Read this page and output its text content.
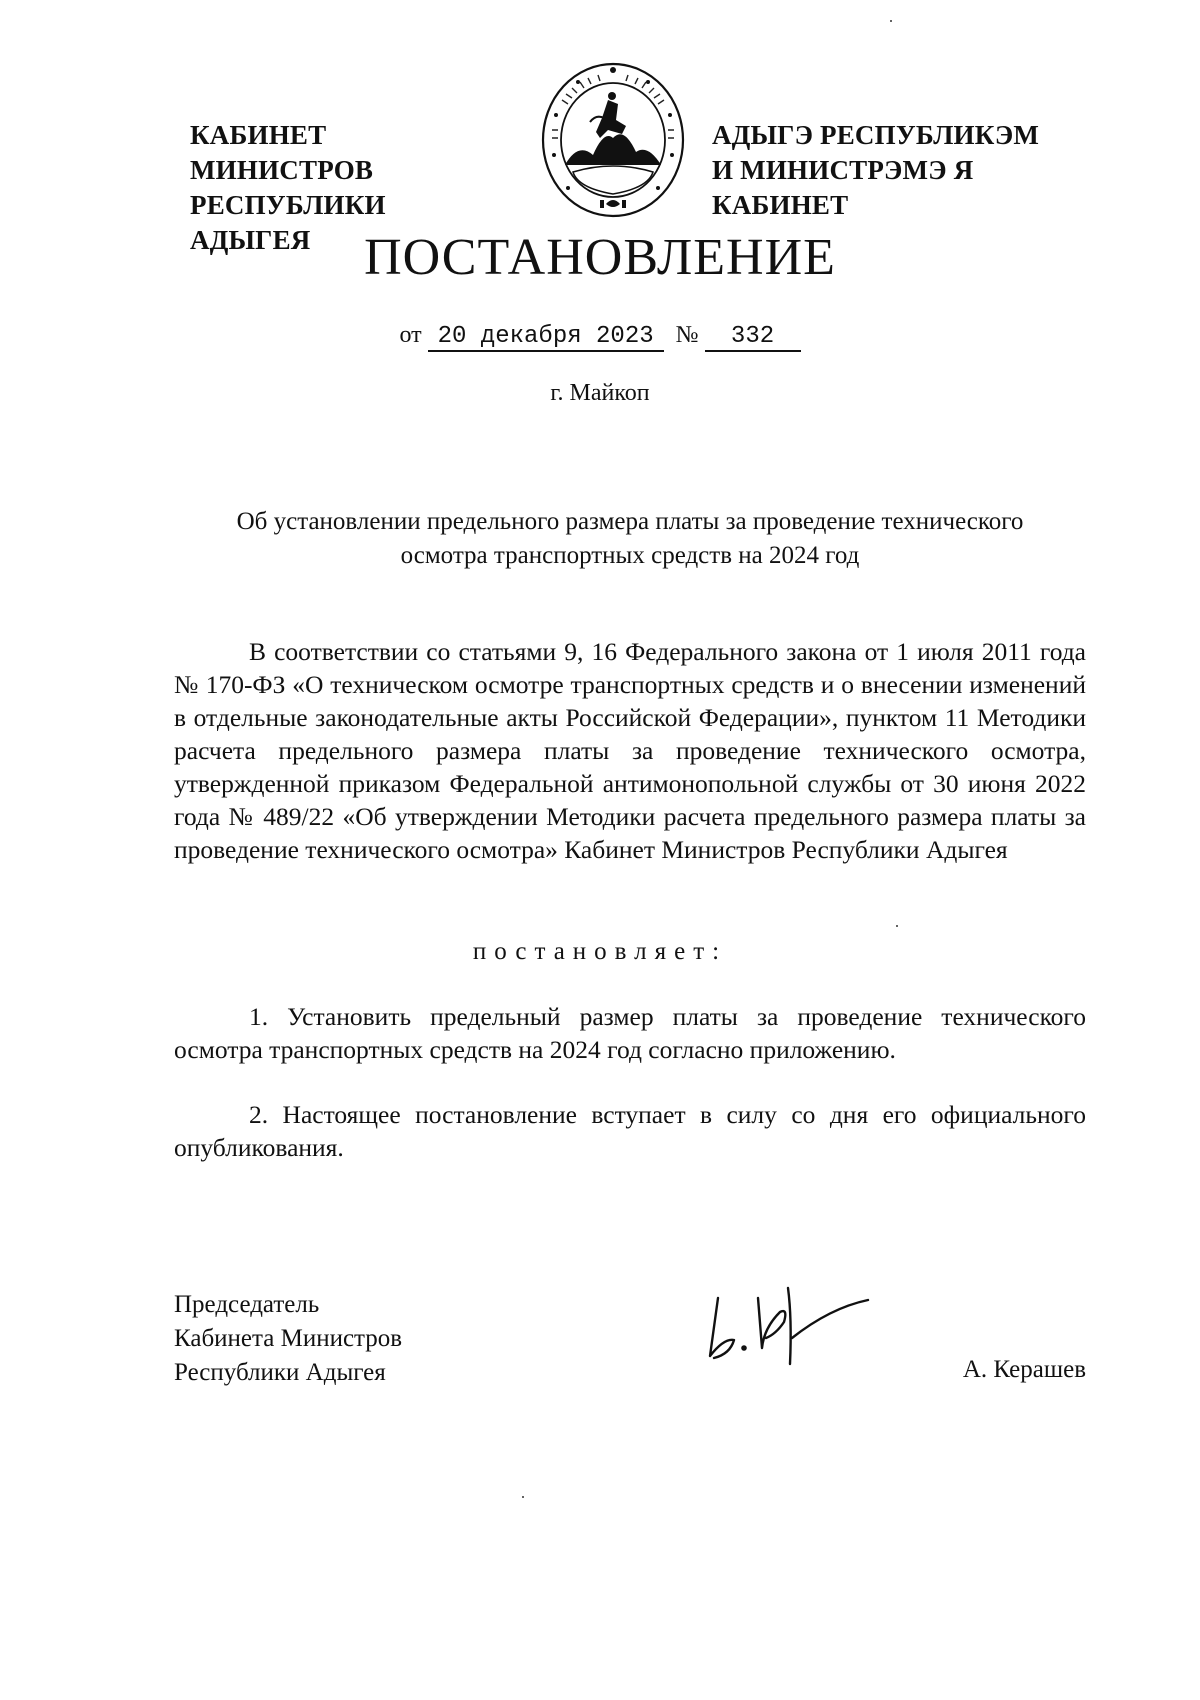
КАБИНЕТ МИНИСТРОВ
РЕСПУБЛИКИ АДЫГЕЯ
АДЫГЭ РЕСПУБЛИКЭМ
И МИНИСТРЭМЭ Я КАБИНЕТ
ПОСТАНОВЛЕНИЕ
от 20 декабря 2023 № 332
г. Майкоп
Об установлении предельного размера платы за проведение технического
осмотра транспортных средств на 2024 год
В соответствии со статьями 9, 16 Федерального закона от 1 июля 2011 года № 170-ФЗ «О техническом осмотре транспортных средств и о внесении изменений в отдельные законодательные акты Российской Федерации», пунктом 11 Методики расчета предельного размера платы за проведение технического осмотра, утвержденной приказом Федеральной антимонопольной службы от 30 июня 2022 года № 489/22 «Об утверждении Методики расчета предельного размера платы за проведение технического осмотра» Кабинет Министров Республики Адыгея
постановляет:
1. Установить предельный размер платы за проведение технического осмотра транспортных средств на 2024 год согласно приложению.
2. Настоящее постановление вступает в силу со дня его официального опубликования.
Председатель
Кабинета Министров
Республики Адыгея	А. Керашев
